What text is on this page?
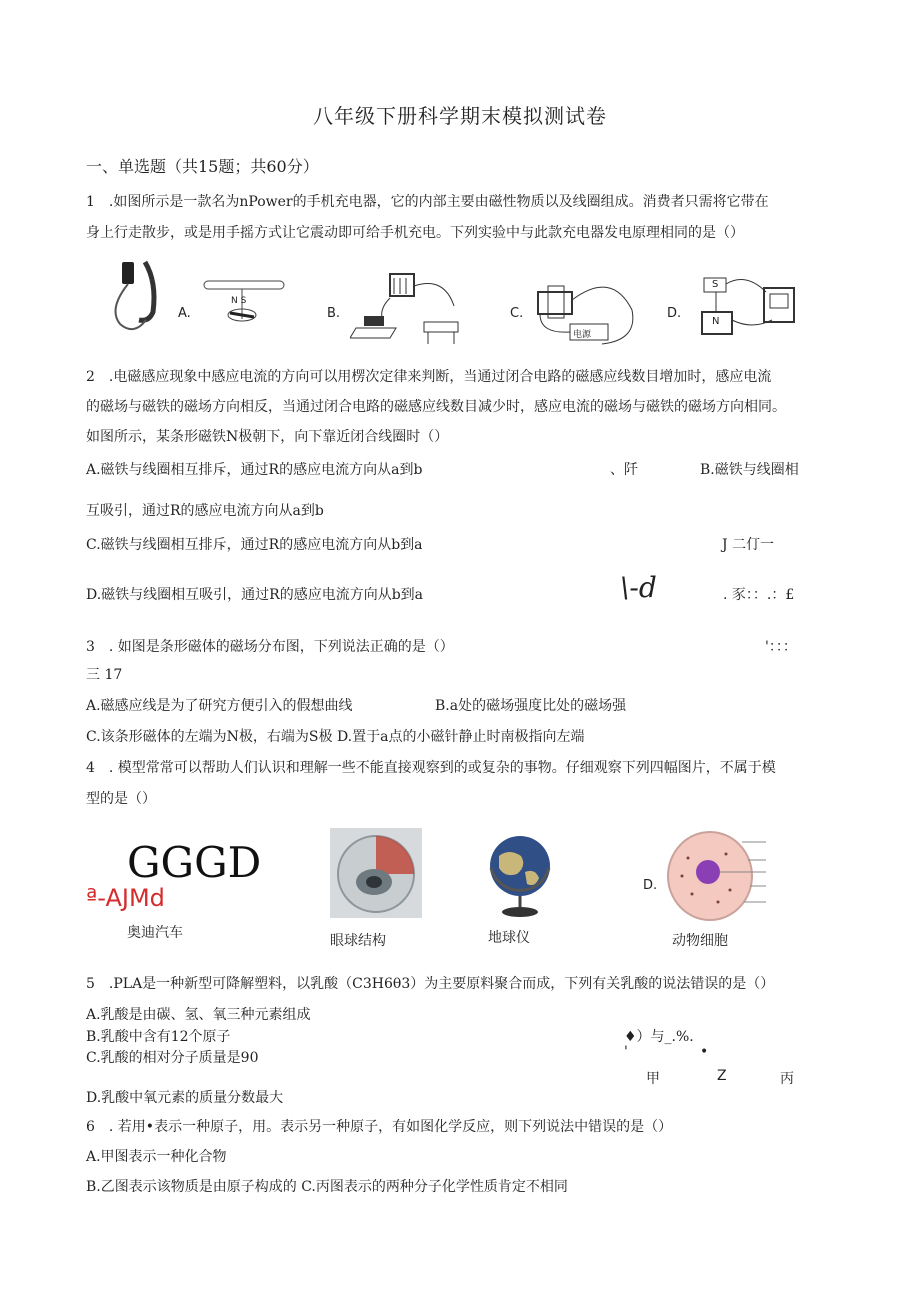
八年级下册科学期末模拟测试卷
一、单选题（共15题；共60分）
1　.如图所示是一款名为nPower的手机充电器，它的内部主要由磁性物质以及线圈组成。消费者只需将它带在
身上行走散步，或是用手摇方式让它震动即可给手机充电。下列实验中与此款充电器发电原理相同的是（）
A.
N S
B.	C.
电源
D.
S
N
2　.电磁感应现象中感应电流的方向可以用楞次定律来判断，当通过闭合电路的磁感应线数目增加时，感应电流
的磁场与磁铁的磁场方向相反，当通过闭合电路的磁感应线数目减少时，感应电流的磁场与磁铁的磁场方向相同。
如图所示，某条形磁铁N极朝下，向下靠近闭合线圈时（）
A.磁铁与线圈相互排斥，通过R的感应电流方向从a到b	、阡	B.磁铁与线圈相
互吸引，通过R的感应电流方向从a到b
C.磁铁与线圈相互排斥，通过R的感应电流方向从b到a	J 二仃一
D.磁铁与线圈相互吸引，通过R的感应电流方向从b到a	\-d	. 豕：：.：£
3　. 如图是条形磁体的磁场分布图，下列说法正确的是（）	'：：：
三 17
A.磁感应线是为了研究方便引入的假想曲线	B.a处的磁场强度比处的磁场强
C.该条形磁体的左端为N极，右端为S极 D.置于a点的小磁针静止时南极指向左端
4　. 模型常常可以帮助人们认识和理解一些不能直接观察到的或复杂的事物。仔细观察下列四幅图片，不属于模
型的是（）
GGGD
ª-AJMd
奥迪汽车	眼球结构	地球仪
D.
动物细胞
5　.PLA是一种新型可降解塑料，以乳酸（C3H6θ3）为主要原料聚合而成，下列有关乳酸的说法错误的是（）
A.乳酸是由碳、氢、氧三种元素组成
B.乳酸中含有12个原子	♦）与_.%.
C.乳酸的相对分子质量是90	'	•
甲	Z	丙
D.乳酸中氧元素的质量分数最大
6　. 若用•表示一种原子，用。表示另一种原子，有如图化学反应，则下列说法中错误的是（）
A.甲图表示一种化合物
B.乙图表示该物质是由原子构成的 C.丙图表示的两种分子化学性质肯定不相同
